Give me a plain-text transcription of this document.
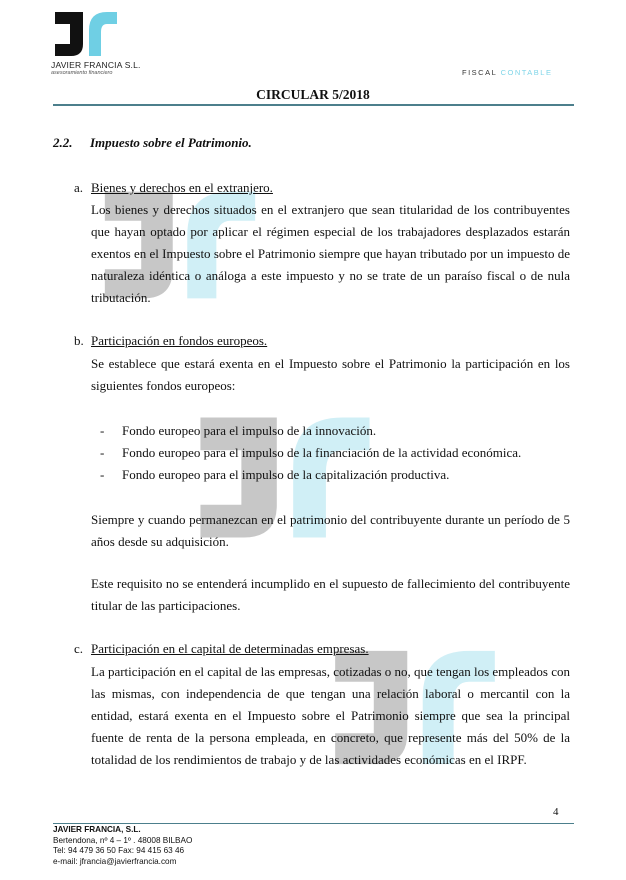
JAVIER FRANCIA S.L.
asesoramiento financiero	FISCAL CONTABLE
CIRCULAR 5/2018
2.2. Impuesto sobre el Patrimonio.
a. Bienes y derechos en el extranjero.
Los bienes y derechos situados en el extranjero que sean titularidad de los contribuyentes que hayan optado por aplicar el régimen especial de los trabajadores desplazados estarán exentos en el Impuesto sobre el Patrimonio siempre que hayan tributado por un impuesto de naturaleza idéntica o análoga a este impuesto y no se trate de un paraíso fiscal o de nula tributación.
b. Participación en fondos europeos.
Se establece que estará exenta en el Impuesto sobre el Patrimonio la participación en los siguientes fondos europeos:
- Fondo europeo para el impulso de la innovación.
- Fondo europeo para el impulso de la financiación de la actividad económica.
- Fondo europeo para el impulso de la capitalización productiva.
Siempre y cuando permanezcan en el patrimonio del contribuyente durante un período de 5 años desde su adquisición.
Este requisito no se entenderá incumplido en el supuesto de fallecimiento del contribuyente titular de las participaciones.
c. Participación en el capital de determinadas empresas.
La participación en el capital de las empresas, cotizadas o no, que tengan los empleados con las mismas, con independencia de que tengan una relación laboral o mercantil con la entidad, estará exenta en el Impuesto sobre el Patrimonio siempre que sea la principal fuente de renta de la persona empleada, en concreto, que represente más del 50% de la totalidad de los rendimientos de trabajo y de las actividades económicas en el IRPF.
4
JAVIER FRANCIA, S.L.
Bertendona, nº 4 – 1º . 48008 BILBAO
Tel: 94 479 36 50 Fax: 94 415 63 46
e-mail: jfrancia@javierfrancia.com
